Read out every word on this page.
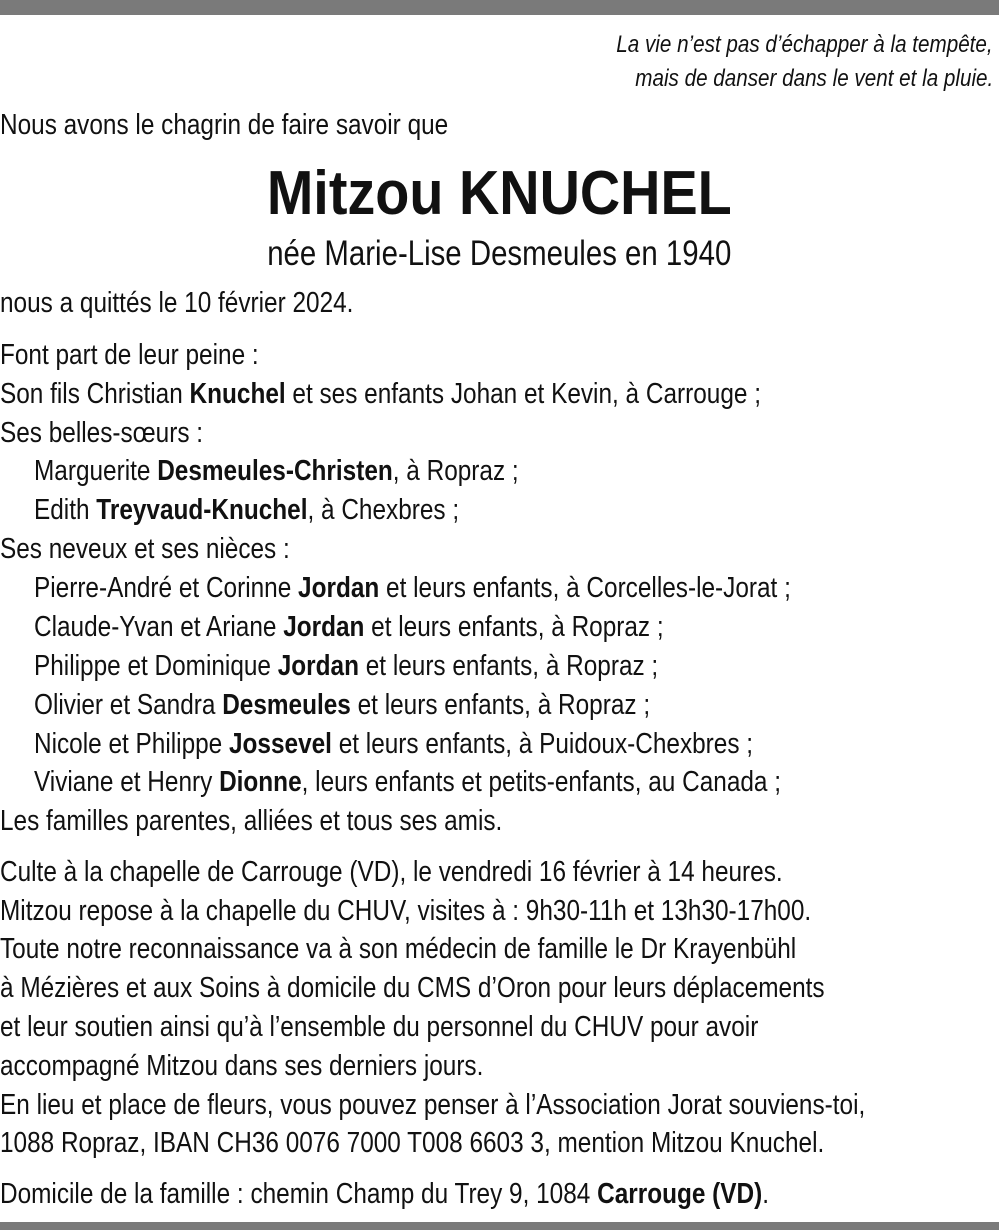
La vie n’est pas d’échapper à la tempête,
mais de danser dans le vent et la pluie.
Nous avons le chagrin de faire savoir que
Mitzou KNUCHEL
née Marie-Lise Desmeules en 1940
nous a quittés le 10 février 2024.
Font part de leur peine :
Son fils Christian Knuchel et ses enfants Johan et Kevin, à Carrouge ;
Ses belles-sœurs :
Marguerite Desmeules-Christen, à Ropraz ;
Edith Treyvaud-Knuchel, à Chexbres ;
Ses neveux et ses nièces :
Pierre-André et Corinne Jordan et leurs enfants, à Corcelles-le-Jorat ;
Claude-Yvan et Ariane Jordan et leurs enfants, à Ropraz ;
Philippe et Dominique Jordan et leurs enfants, à Ropraz ;
Olivier et Sandra Desmeules et leurs enfants, à Ropraz ;
Nicole et Philippe Jossevel et leurs enfants, à Puidoux-Chexbres ;
Viviane et Henry Dionne, leurs enfants et petits-enfants, au Canada ;
Les familles parentes, alliées et tous ses amis.
Culte à la chapelle de Carrouge (VD), le vendredi 16 février à 14 heures.
Mitzou repose à la chapelle du CHUV, visites à : 9h30-11h et 13h30-17h00.
Toute notre reconnaissance va à son médecin de famille le Dr Krayenbühl
à Mézières et aux Soins à domicile du CMS d’Oron pour leurs déplacements
et leur soutien ainsi qu’à l’ensemble du personnel du CHUV pour avoir
accompagné Mitzou dans ses derniers jours.
En lieu et place de fleurs, vous pouvez penser à l’Association Jorat souviens-toi,
1088 Ropraz, IBAN CH36 0076 7000 T008 6603 3, mention Mitzou Knuchel.
Domicile de la famille : chemin Champ du Trey 9, 1084 Carrouge (VD).
